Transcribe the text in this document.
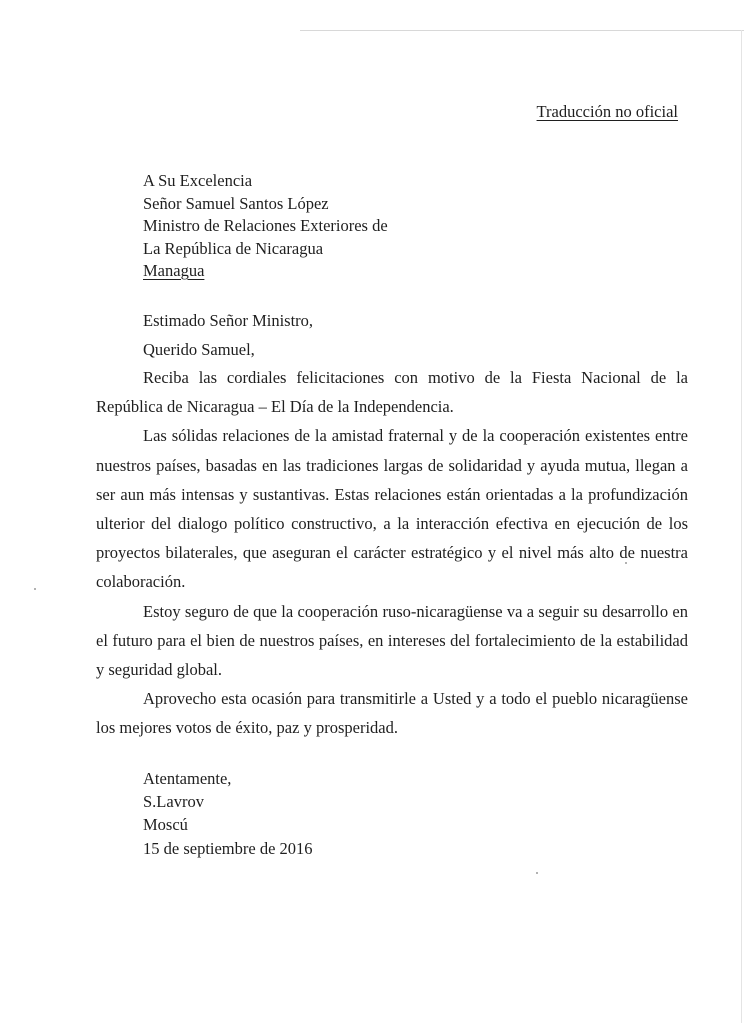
Traducción no oficial
A Su Excelencia
Señor Samuel Santos López
Ministro de Relaciones Exteriores de
La República de Nicaragua
Managua
Estimado Señor Ministro,
Querido Samuel,

Reciba las cordiales felicitaciones con motivo de la Fiesta Nacional de la República de Nicaragua – El Día de la Independencia.

Las sólidas relaciones de la amistad fraternal y de la cooperación existentes entre nuestros países, basadas en las tradiciones largas de solidaridad y ayuda mutua, llegan a ser aun más intensas y sustantivas. Estas relaciones están orientadas a la profundización ulterior del dialogo político constructivo, a la interacción efectiva en ejecución de los proyectos bilaterales, que aseguran el carácter estratégico y el nivel más alto de nuestra colaboración.

Estoy seguro de que la cooperación ruso-nicaragüense va a seguir su desarrollo en el futuro para el bien de nuestros países, en intereses del fortalecimiento de la estabilidad y seguridad global.

Aprovecho esta ocasión para transmitirle a Usted y a todo el pueblo nicaragüense los mejores votos de éxito, paz y prosperidad.

Atentamente,
S.Lavrov
Moscú
15 de septiembre de 2016
